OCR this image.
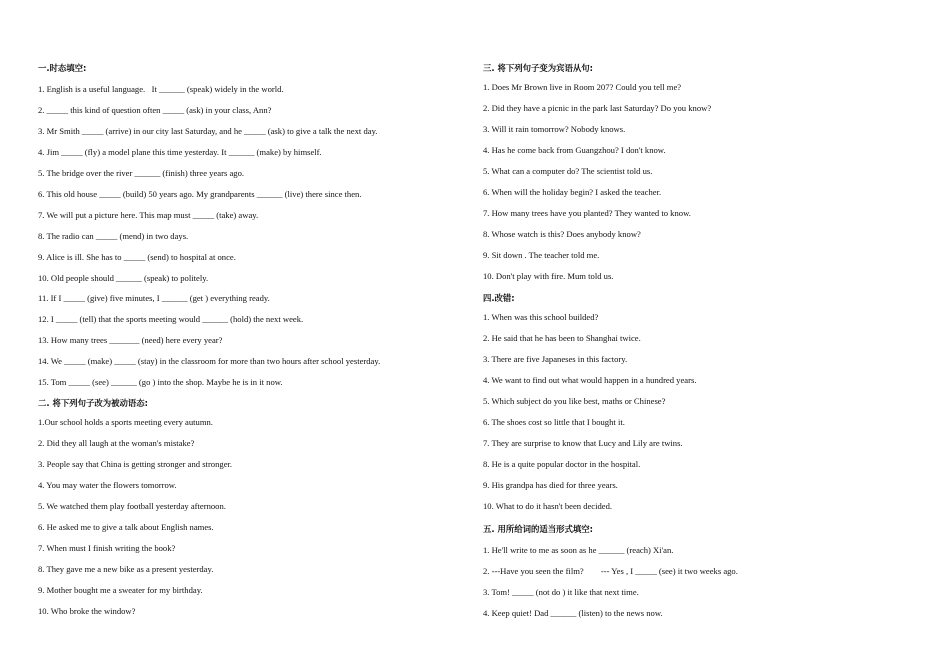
一.时态填空:
1. English is a useful language.   It ______ (speak) widely in the world.
2. _____ this kind of question often _____ (ask) in your class, Ann?
3. Mr Smith _____ (arrive) in our city last Saturday, and he _____ (ask) to give a talk the next day.
4. Jim _____ (fly) a model plane this time yesterday. It ______ (make) by himself.
5. The bridge over the river ______ (finish) three years ago.
6. This old house _____ (build) 50 years ago. My grandparents ______ (live) there since then.
7. We will put a picture here. This map must _____ (take) away.
8. The radio can _____ (mend) in two days.
9. Alice is ill. She has to _____ (send) to hospital at once.
10. Old people should ______ (speak) to politely.
11. If I _____ (give) five minutes, I ______ (get ) everything ready.
12. I _____ (tell) that the sports meeting would ______ (hold) the next week.
13. How many trees _______ (need) here every year?
14. We _____ (make) _____ (stay) in the classroom for more than two hours after school yesterday.
15. Tom _____ (see) ______ (go ) into the shop. Maybe he is in it now.
二. 将下列句子改为被动语态:
1.Our school holds a sports meeting every autumn.
2. Did they all laugh at the woman's mistake?
3. People say that China is getting stronger and stronger.
4. You may water the flowers tomorrow.
5. We watched them play football yesterday afternoon.
6. He asked me to give a talk about English names.
7. When must I finish writing the book?
8. They gave me a new bike as a present yesterday.
9. Mother bought me a sweater for my birthday.
10. Who broke the window?
三. 将下列句子变为宾语从句:
1. Does Mr Brown live in Room 207? Could you tell me?
2. Did they have a picnic in the park last Saturday? Do you know?
3. Will it rain tomorrow? Nobody knows.
4. Has he come back from Guangzhou? I don't know.
5. What can a computer do? The scientist told us.
6. When will the holiday begin? I asked the teacher.
7. How many trees have you planted? They wanted to know.
8. Whose watch is this? Does anybody know?
9. Sit down . The teacher told me.
10. Don't play with fire. Mum told us.
四.改错:
1. When was this school builded?
2. He said that he has been to Shanghai twice.
3. There are five Japaneses in this factory.
4. We want to find out what would happen in a hundred years.
5. Which subject do you like best, maths or Chinese?
6. The shoes cost so little that I bought it.
7. They are surprise to know that Lucy and Lily are twins.
8. He is a quite popular doctor in the hospital.
9. His grandpa has died for three years.
10. What to do it hasn't been decided.
五. 用所给词的适当形式填空:
1. He'll write to me as soon as he ______ (reach) Xi'an.
2. ---Have you seen the film?        --- Yes , I _____ (see) it two weeks ago.
3. Tom! _____ (not do ) it like that next time.
4. Keep quiet! Dad ______ (listen) to the news now.
